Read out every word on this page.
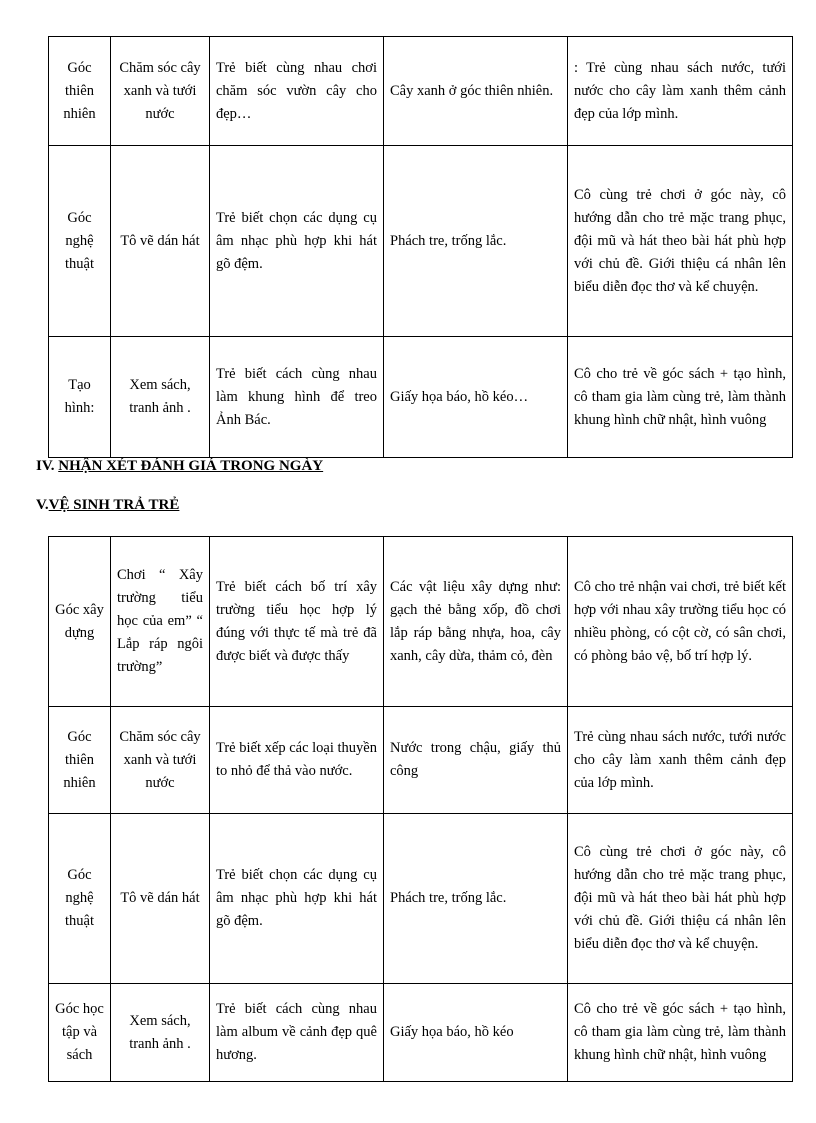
Góc thiên nhiên	Chăm sóc cây xanh và tưới nước	Trẻ biết cùng nhau chơi chăm sóc vườn cây cho đẹp…	Cây xanh ở góc thiên nhiên.	: Trẻ cùng nhau sách nước, tưới nước cho cây làm xanh thêm cảnh đẹp của lớp mình.
Góc nghệ thuật	Tô vẽ dán hát	Trẻ biết chọn các dụng cụ âm nhạc phù hợp khi hát gõ đệm.	Phách tre, trống lắc.	Cô cùng trẻ chơi ở góc này, cô hướng dẫn cho trẻ mặc trang phục, đội mũ và hát theo bài hát phù hợp với chủ đề. Giới thiệu cá nhân lên biểu diễn đọc thơ và kể chuyện.
Tạo hình:	Xem sách, tranh ảnh .	Trẻ biết cách cùng nhau làm khung hình để treo Ảnh Bác.	Giấy họa báo, hồ kéo…	Cô cho trẻ về góc sách + tạo hình, cô tham gia làm cùng trẻ, làm thành khung hình chữ nhật, hình vuông
IV. NHẬN XÉT ĐÁNH GIÁ TRONG NGÀY
V.VỆ SINH TRẢ TRẺ
Góc xây dựng	Chơi “ Xây trường tiểu học của em” “ Lắp ráp ngôi trường”	Trẻ biết cách bố trí xây trường tiểu học hợp lý đúng với thực tế mà trẻ đã được biết và được thấy	Các vật liệu xây dựng như: gạch thẻ bằng xốp, đồ chơi lắp ráp bằng nhựa, hoa, cây xanh, cây dừa, thảm cỏ, đèn	Cô cho trẻ nhận vai chơi, trẻ biết kết hợp với nhau xây trường tiểu học có nhiều phòng, có cột cờ, có sân chơi, có phòng bảo vệ, bố trí hợp lý.
Góc thiên nhiên	Chăm sóc cây xanh và tưới nước	Trẻ biết xếp các loại thuyền to nhỏ để thả vào nước.	Nước trong chậu, giấy thủ công	Trẻ cùng nhau sách nước, tưới nước cho cây làm xanh thêm cảnh đẹp của lớp mình.
Góc nghệ thuật	Tô vẽ dán hát	Trẻ biết chọn các dụng cụ âm nhạc phù hợp khi hát gõ đệm.	Phách tre, trống lắc.	Cô cùng trẻ chơi ở góc này, cô hướng dẫn cho trẻ mặc trang phục, đội mũ và hát theo bài hát phù hợp với chủ đề. Giới thiệu cá nhân lên biểu diễn đọc thơ và kể chuyện.
Góc học tập và sách	Xem sách, tranh ảnh .	Trẻ biết cách cùng nhau làm album về cảnh đẹp quê hương.	Giấy họa báo, hồ kéo	Cô cho trẻ về góc sách + tạo hình, cô tham gia làm cùng trẻ, làm thành khung hình chữ nhật, hình vuông
